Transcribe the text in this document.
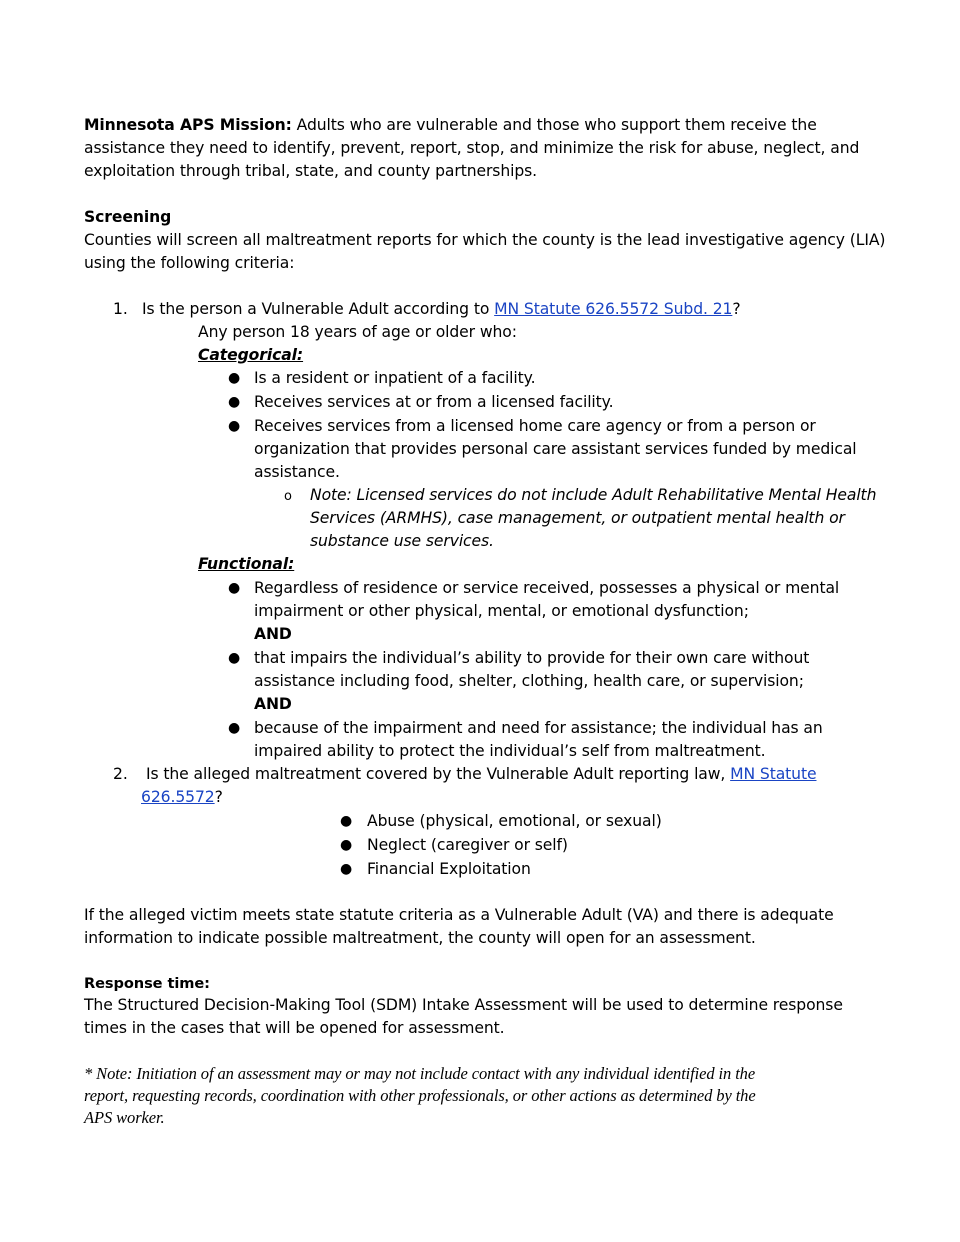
Minnesota APS Mission: Adults who are vulnerable and those who support them receive the
assistance they need to identify, prevent, report, stop, and minimize the risk for abuse, neglect, and
exploitation through tribal, state, and county partnerships.
Screening
Counties will screen all maltreatment reports for which the county is the lead investigative agency (LIA)
using the following criteria:
1. Is the person a Vulnerable Adult according to MN Statute 626.5572 Subd. 21?
Any person 18 years of age or older who:
Categorical:
● Is a resident or inpatient of a facility.
● Receives services at or from a licensed facility.
● Receives services from a licensed home care agency or from a person or
organization that provides personal care assistant services funded by medical
assistance.
o Note: Licensed services do not include Adult Rehabilitative Mental Health
Services (ARMHS), case management, or outpatient mental health or
substance use services.
Functional:
● Regardless of residence or service received, possesses a physical or mental
impairment or other physical, mental, or emotional dysfunction;
AND
● that impairs the individual’s ability to provide for their own care without
assistance including food, shelter, clothing, health care, or supervision;
AND
● because of the impairment and need for assistance; the individual has an
impaired ability to protect the individual’s self from maltreatment.
2. Is the alleged maltreatment covered by the Vulnerable Adult reporting law, MN Statute
626.5572?
● Abuse (physical, emotional, or sexual)
● Neglect (caregiver or self)
● Financial Exploitation
If the alleged victim meets state statute criteria as a Vulnerable Adult (VA) and there is adequate
information to indicate possible maltreatment, the county will open for an assessment.
Response time:
The Structured Decision-Making Tool (SDM) Intake Assessment will be used to determine response
times in the cases that will be opened for assessment.
* Note: Initiation of an assessment may or may not include contact with any individual identified in the
report, requesting records, coordination with other professionals, or other actions as determined by the
APS worker.
